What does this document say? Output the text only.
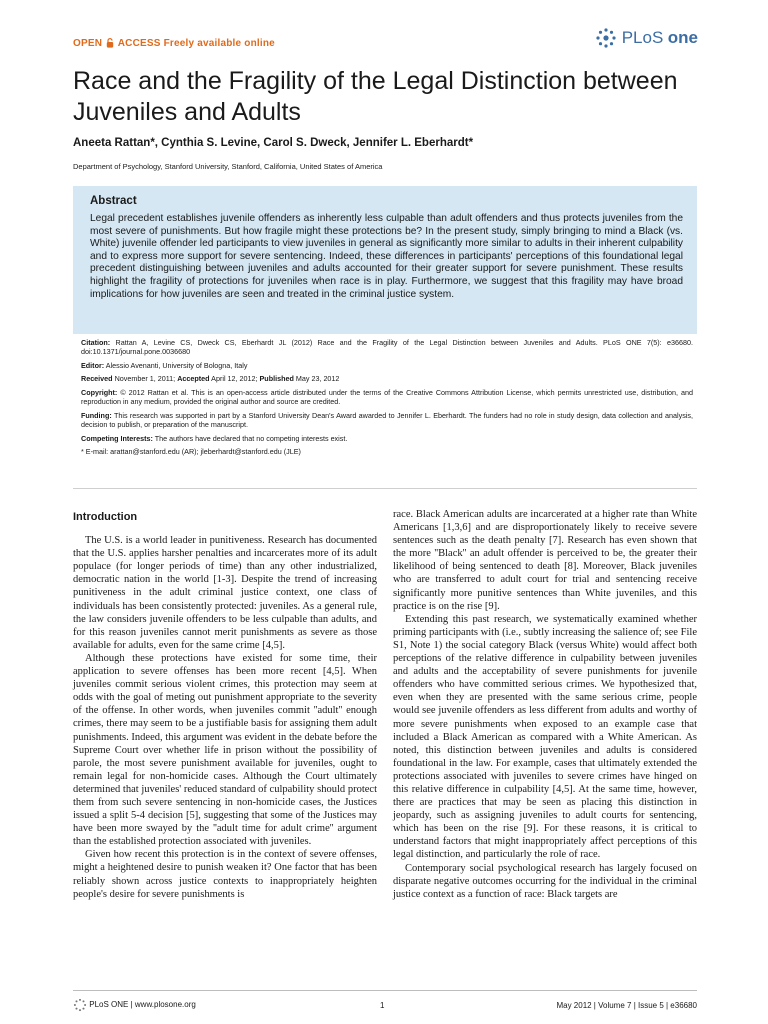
OPEN ACCESS Freely available online	PLoS one
Race and the Fragility of the Legal Distinction between Juveniles and Adults
Aneeta Rattan*, Cynthia S. Levine, Carol S. Dweck, Jennifer L. Eberhardt*
Department of Psychology, Stanford University, Stanford, California, United States of America
Abstract
Legal precedent establishes juvenile offenders as inherently less culpable than adult offenders and thus protects juveniles from the most severe of punishments. But how fragile might these protections be? In the present study, simply bringing to mind a Black (vs. White) juvenile offender led participants to view juveniles in general as significantly more similar to adults in their inherent culpability and to express more support for severe sentencing. Indeed, these differences in participants' perceptions of this foundational legal precedent distinguishing between juveniles and adults accounted for their greater support for severe punishment. These results highlight the fragility of protections for juveniles when race is in play. Furthermore, we suggest that this fragility may have broad implications for how juveniles are seen and treated in the criminal justice system.

Citation: Rattan A, Levine CS, Dweck CS, Eberhardt JL (2012) Race and the Fragility of the Legal Distinction between Juveniles and Adults. PLoS ONE 7(5): e36680. doi:10.1371/journal.pone.0036680

Editor: Alessio Avenanti, University of Bologna, Italy

Received November 1, 2011; Accepted April 12, 2012; Published May 23, 2012

Copyright: © 2012 Rattan et al. This is an open-access article distributed under the terms of the Creative Commons Attribution License, which permits unrestricted use, distribution, and reproduction in any medium, provided the original author and source are credited.

Funding: This research was supported in part by a Stanford University Dean's Award awarded to Jennifer L. Eberhardt. The funders had no role in study design, data collection and analysis, decision to publish, or preparation of the manuscript.

Competing Interests: The authors have declared that no competing interests exist.

* E-mail: arattan@stanford.edu (AR); jleberhardt@stanford.edu (JLE)

Introduction

The U.S. is a world leader in punitiveness. Research has documented that the U.S. applies harsher penalties and incarcerates more of its adult populace (for longer periods of time) than any other industrialized, democratic nation in the world [1-3]. Despite the trend of increasing punitiveness in the adult criminal justice context, one class of individuals has been consistently protected: juveniles. As a general rule, the law considers juvenile offenders to be less culpable than adults, and for this reason juveniles cannot merit punishments as severe as those available for adults, even for the same crime [4,5].

Although these protections have existed for some time, their application to severe offenses has been more recent [4,5]. When juveniles commit serious violent crimes, this protection may seem at odds with the goal of meting out punishment appropriate to the severity of the offense. In other words, when juveniles commit ''adult'' enough crimes, there may seem to be a justifiable basis for assigning them adult punishments. Indeed, this argument was evident in the debate before the Supreme Court over whether life in prison without the possibility of parole, the most severe punishment available for juveniles, ought to remain legal for non-homicide cases. Although the Court ultimately determined that juveniles' reduced standard of culpability should protect them from such severe sentencing in non-homicide cases, the Justices issued a split 5-4 decision [5], suggesting that some of the Justices may have been more swayed by the ''adult time for adult crime'' argument than the established protection associated with juveniles.

Given how recent this protection is in the context of severe offenses, might a heightened desire to punish weaken it? One factor that has been reliably shown across justice contexts to inappropriately heighten people's desire for severe punishments is

race. Black American adults are incarcerated at a higher rate than White Americans [1,3,6] and are disproportionately likely to receive severe sentences such as the death penalty [7]. Research has even shown that the more ''Black'' an adult offender is perceived to be, the greater their likelihood of being sentenced to death [8]. Moreover, Black juveniles who are transferred to adult court for trial and sentencing receive significantly more punitive sentences than White juveniles, and this practice is on the rise [9].

Extending this past research, we systematically examined whether priming participants with (i.e., subtly increasing the salience of; see File S1, Note 1) the social category Black (versus White) would affect both perceptions of the relative difference in culpability between juveniles and adults and the acceptability of severe punishments for juvenile offenders who have committed serious crimes. We hypothesized that, even when they are presented with the same serious crime, people would see juvenile offenders as less different from adults and worthy of more severe punishments when exposed to an example case that included a Black American as compared with a White American. As noted, this distinction between juveniles and adults is considered foundational in the law. For example, cases that ultimately extended the protections associated with juveniles to severe crimes have hinged on this relative difference in culpability [4,5]. At the same time, however, there are practices that may be seen as placing this distinction in jeopardy, such as assigning juveniles to adult courts for sentencing, which has been on the rise [9]. For these reasons, it is critical to understand factors that might inappropriately affect perceptions of this legal distinction, and particularly the role of race.

Contemporary social psychological research has largely focused on disparate negative outcomes occurring for the individual in the criminal justice context as a function of race: Black targets are

PLoS ONE | www.plosone.org	1	May 2012 | Volume 7 | Issue 5 | e36680
